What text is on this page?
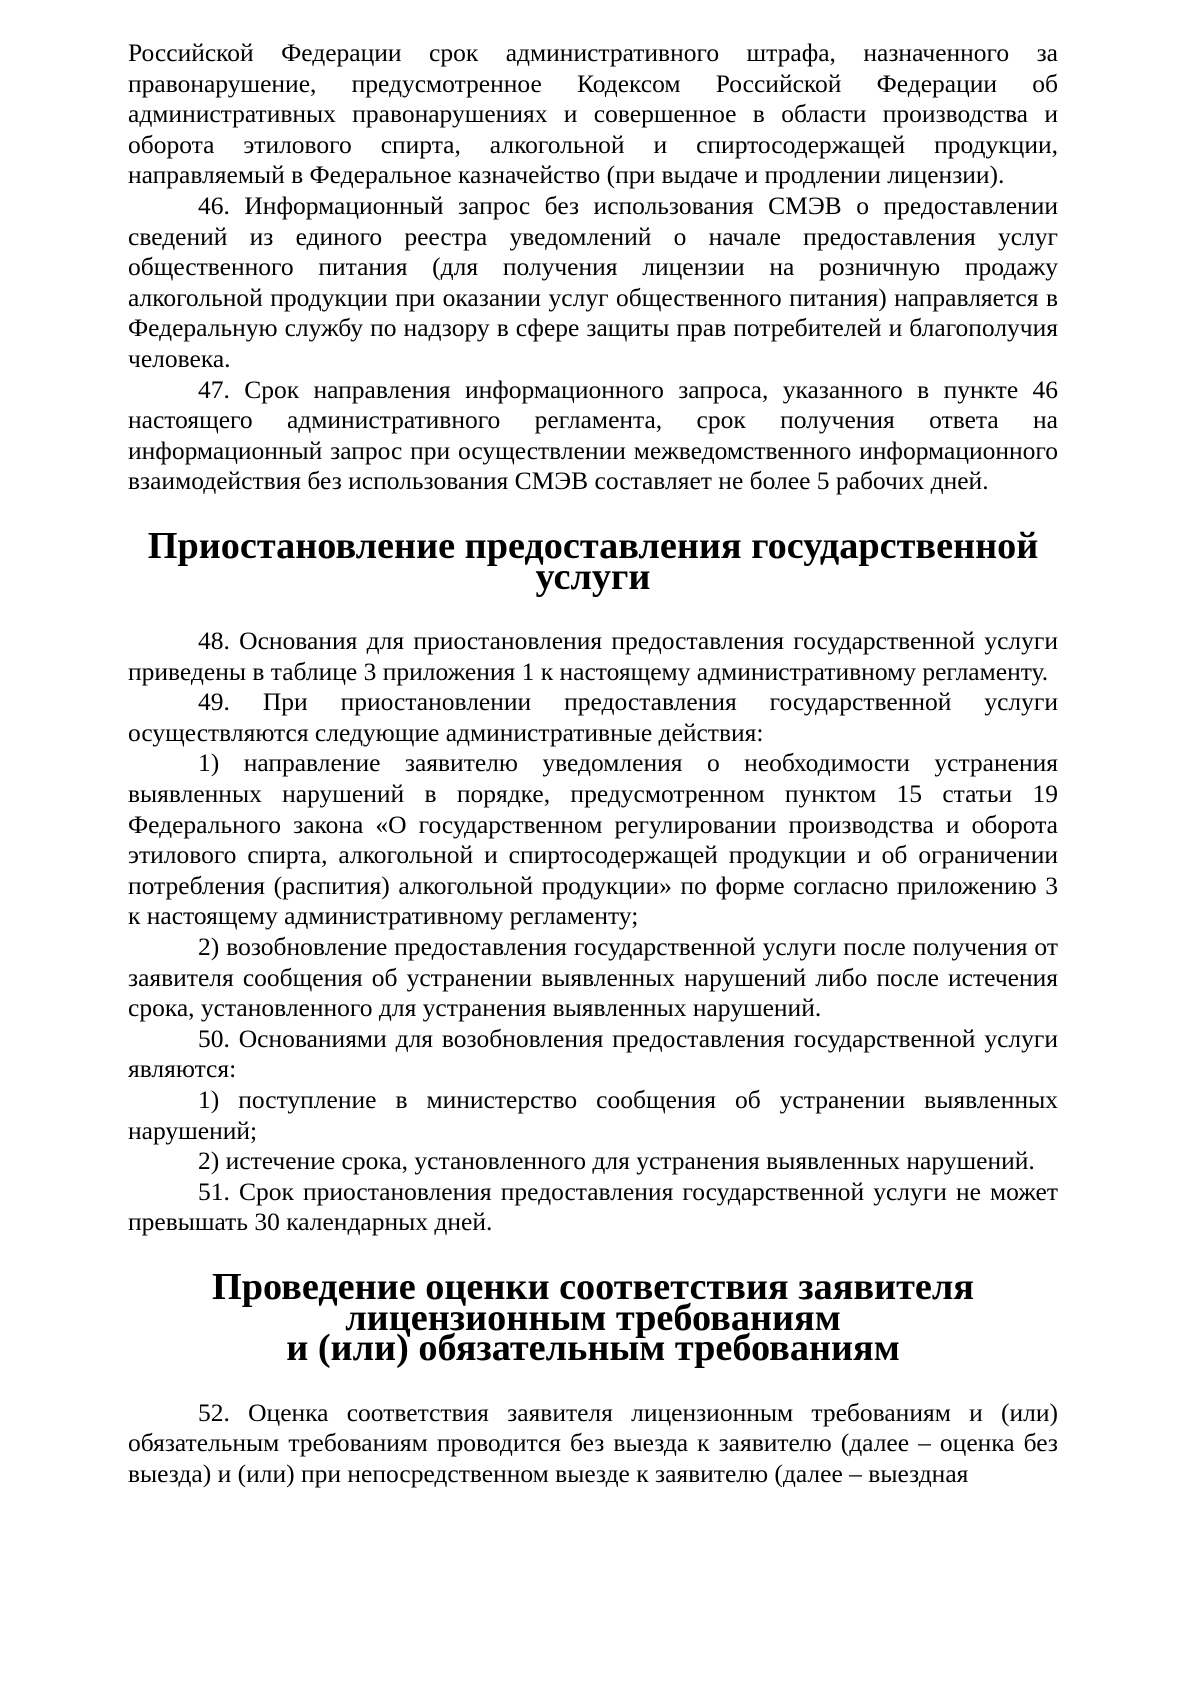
Российской Федерации срок административного штрафа, назначенного за правонарушение, предусмотренное Кодексом Российской Федерации об административных правонарушениях и совершенное в области производства и оборота этилового спирта, алкогольной и спиртосодержащей продукции, направляемый в Федеральное казначейство (при выдаче и продлении лицензии).

46. Информационный запрос без использования СМЭВ о предоставлении сведений из единого реестра уведомлений о начале предоставления услуг общественного питания (для получения лицензии на розничную продажу алкогольной продукции при оказании услуг общественного питания) направляется в Федеральную службу по надзору в сфере защиты прав потребителей и благополучия человека.

47. Срок направления информационного запроса, указанного в пункте 46 настоящего административного регламента, срок получения ответа на информационный запрос при осуществлении межведомственного информационного взаимодействия без использования СМЭВ составляет не более 5 рабочих дней.

Приостановление предоставления государственной услуги

48. Основания для приостановления предоставления государственной услуги приведены в таблице 3 приложения 1 к настоящему административному регламенту.

49. При приостановлении предоставления государственной услуги осуществляются следующие административные действия:

1) направление заявителю уведомления о необходимости устранения выявленных нарушений в порядке, предусмотренном пунктом 15 статьи 19 Федерального закона «О государственном регулировании производства и оборота этилового спирта, алкогольной и спиртосодержащей продукции и об ограничении потребления (распития) алкогольной продукции» по форме согласно приложению 3 к настоящему административному регламенту;

2) возобновление предоставления государственной услуги после получения от заявителя сообщения об устранении выявленных нарушений либо после истечения срока, установленного для устранения выявленных нарушений.

50. Основаниями для возобновления предоставления государственной услуги являются:

1) поступление в министерство сообщения об устранении выявленных нарушений;

2) истечение срока, установленного для устранения выявленных нарушений.

51. Срок приостановления предоставления государственной услуги не может превышать 30 календарных дней.

Проведение оценки соответствия заявителя лицензионным требованиям
и (или) обязательным требованиям

52. Оценка соответствия заявителя лицензионным требованиям и (или) обязательным требованиям проводится без выезда к заявителю (далее – оценка без выезда) и (или) при непосредственном выезде к заявителю (далее – выездная
